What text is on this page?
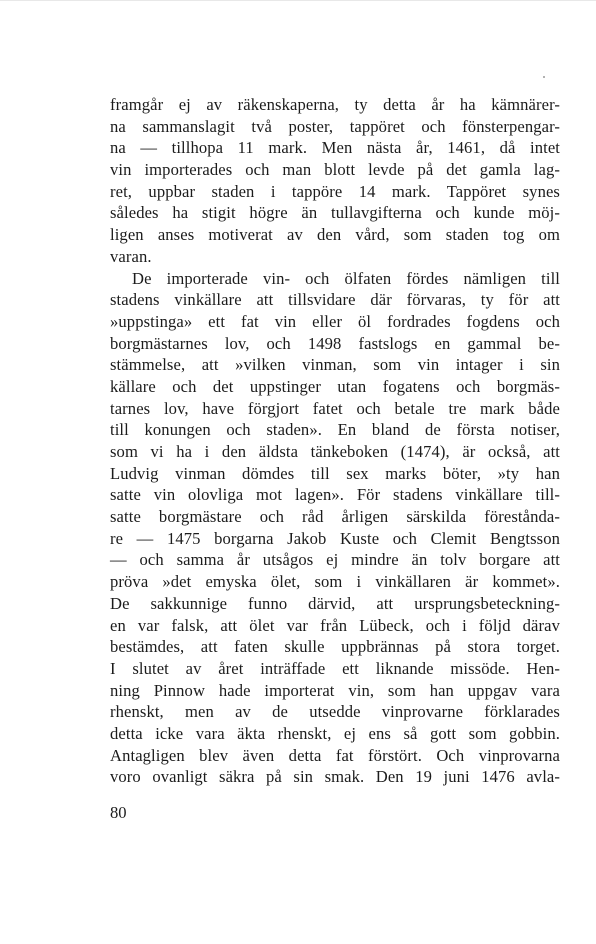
framgår ej av räkenskaperna, ty detta år ha kämnärer-
na sammanslagit två poster, tappöret och fönsterpengar-
na — tillhopa 11 mark. Men nästa år, 1461, då intet
vin importerades och man blott levde på det gamla lag-
ret, uppbar staden i tappöre 14 mark. Tappöret synes
således ha stigit högre än tullavgifterna och kunde möj-
ligen anses motiverat av den vård, som staden tog om
varan.
De importerade vin- och ölfaten fördes nämligen till
stadens vinkällare att tillsvidare där förvaras, ty för att
»uppstinga» ett fat vin eller öl fordrades fogdens och
borgmästarnes lov, och 1498 fastslogs en gammal be-
stämmelse, att »vilken vinman, som vin intager i sin
källare och det uppstinger utan fogatens och borgmäs-
tarnes lov, have förgjort fatet och betale tre mark både
till konungen och staden». En bland de första notiser,
som vi ha i den äldsta tänkeboken (1474), är också, att
Ludvig vinman dömdes till sex marks böter, »ty han
satte vin olovliga mot lagen». För stadens vinkällare till-
satte borgmästare och råd årligen särskilda förestånda-
re — 1475 borgarna Jakob Kuste och Clemit Bengtsson
— och samma år utsågos ej mindre än tolv borgare att
pröva »det emyska ölet, som i vinkällaren är kommet».
De sakkunnige funno därvid, att ursprungsbeteckning-
en var falsk, att ölet var från Lübeck, och i följd därav
bestämdes, att faten skulle uppbrännas på stora torget.
I slutet av året inträffade ett liknande missöde. Hen-
ning Pinnow hade importerat vin, som han uppgav vara
rhenskt, men av de utsedde vinprovarne förklarades
detta icke vara äkta rhenskt, ej ens så gott som gobbin.
Antagligen blev även detta fat förstört. Och vinprovarna
voro ovanligt säkra på sin smak. Den 19 juni 1476 avla-
80
